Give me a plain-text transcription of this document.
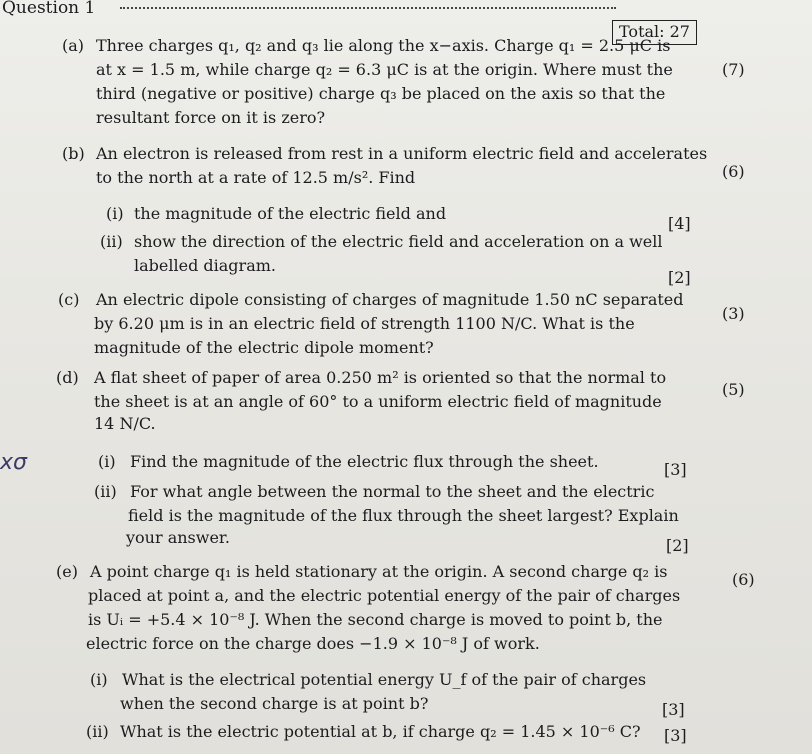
Question 1
Total: 27
(a) Three charges q₁, q₂ and q₃ lie along the x−axis. Charge q₁ = 2.5 μC is
at x = 1.5 m, while charge q₂ = 6.3 μC is at the origin. Where must the
third (negative or positive) charge q₃ be placed on the axis so that the
resultant force on it is zero?
(7)
(b) An electron is released from rest in a uniform electric field and accelerates
to the north at a rate of 12.5 m/s². Find	(6)
(i) the magnitude of the electric field and
[4]
(ii) show the direction of the electric field and acceleration on a well
labelled diagram.
[2]
(c) An electric dipole consisting of charges of magnitude 1.50 nC separated
by 6.20 μm is in an electric field of strength 1100 N/C. What is the
magnitude of the electric dipole moment?
(3)
(d) A flat sheet of paper of area 0.250 m² is oriented so that the normal to
the sheet is at an angle of 60° to a uniform electric field of magnitude
14 N/C.
(5)
(i) Find the magnitude of the electric flux through the sheet.	[3]
(ii) For what angle between the normal to the sheet and the electric
field is the magnitude of the flux through the sheet largest? Explain
your answer.	[2]
(e) A point charge q₁ is held stationary at the origin. A second charge q₂ is
placed at point a, and the electric potential energy of the pair of charges
is Uᵢ = +5.4 × 10⁻⁸ J. When the second charge is moved to point b, the
electric force on the charge does −1.9 × 10⁻⁸ J of work.
(6)
(i) What is the electrical potential energy U_f of the pair of charges
when the second charge is at point b?	[3]
(ii) What is the electric potential at b, if charge q₂ = 1.45 × 10⁻⁶ C? [3]
xσ
